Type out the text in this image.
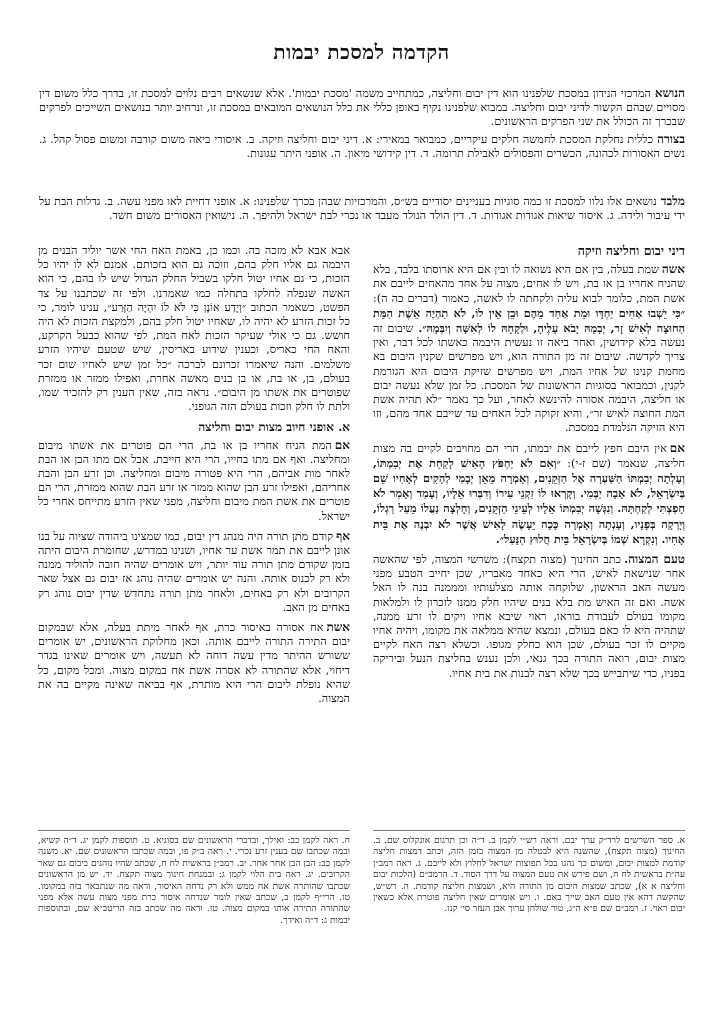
הקדמה למסכת יבמות
הנושאהמרכזי הנידון במסכת שלפנינו הוא דין יבום וחליצה, כמתחייב משמה 'מסכת יבמות'. אלא שנשאים רבים נלוים למסכת זו, בדרך כלל משום דין מסויים שבהם הקשור לדיני יבום וחליצה. במבוא שלפנינו נקיף באופן כללי את כלל הנושאים המובאים במסכת זו, ונרחיב יותר בנושאים השייכים לפרקים שבכרך זה הכולל את שני הפרקים הראשונים.
בצורהכללית נחלקת המסכת לחמשה חלקים עיקריים, כמבואר במאירי: א. דיני יבום וחליצה וזיקה. ב. איסורי ביאה משום קורבה ומשום פסול קהל. ג. נשים האסורות לכהונה, הכשרים והפסולים לאבילת תרומה. ד. דין קידושי מיאון. ה. אופני היתר עגונות.
מלבדנושאים אלו נלוו למסכת זו כמה סוגיות בעניינים יסודיים בש״ס, והמרכזיות שבהן בכרך שלפנינו: א. אופני דחיית לאו מפני עשה. ב. גדלות הבת על ידי עיבור ולידה. ג. איסור שיאות אגודות אגודות. ד. דין הולד הנולד מעבד או נכרי לבת ישראל ולהיפך. ה. נישואין האסורים משום חשד.
דיני יבום וחליצה וזיקה

אשהשמת בעלה, בין אם היא נשואה לו ובין אם היא ארוסתו בלבד, בלא שהניח אחריו בן או בת, ויש לו אחים, מצוה על אחד מהאחים לייבם את אשת המת, כלומר לבוא עליה ולקחתה לו לאשה, כאמור (דברים כה ה): ״כִּי יֵשְׁבוּ אַחִים יַחְדָּו וּמֵת אַחַד מֵהֶם וּבֵן אֵין לוֹ, לֹא תִהְיֶה אֵשֶׁת הַמֵּת הַחוּצָה לְאִישׁ זָר, יְבָמָהּ יָבֹא עָלֶיהָ, וּלְקָחָהּ לוֹ לְאִשָּׁה וְיִבְּמָהּ״. שיבום זה נעשה בלא קידושין, ואחר ביאה זו נעשית היבמה כאשתו לכל דבר, ואין צריך לקדשה. שיבום זה מן התורה הוא, ויש מפרשים שקנין היבום בא מחמת קנינו של אחיו המת, ויש מפרשים שזיקת היבום היא הגורמת לקנין, וכמבואר בסוגיות הראשונות של המסכת. כל זמן שלא נעשה יבום או חליצה, היבמה אסורה להינשא לאחר, ועל כך נאמר ״לא תהיה אשת המת החוצה לאיש זר״, והיא זקוקה לכל האחים עד שייבם אחד מהם, וזו היא הזיקה הנלמדת במסכת.

אםאין היבם חפץ לייבם את יבמתו, הרי הם מחויבים לקיים בה מצות חליצה, שנאמר (שם ז-י): ״וְאִם לֹא יַחְפֹּץ הָאִישׁ לָקַחַת אֶת יְבִמְתּוֹ, וְעָלְתָה יְבִמְתּוֹ הַשַּׁעְרָה אֶל הַזְּקֵנִים, וְאָמְרָה מֵאֵן יְבָמִי לְהָקִים לְאָחִיו שֵׁם בְּיִשְׂרָאֵל, לֹא אָבָה יַבְּמִי. וְקָרְאוּ לוֹ זִקְנֵי עִירוֹ וְדִבְּרוּ אֵלָיו, וְעָמַד וְאָמַר לֹא חָפַצְתִּי לְקַחְתָּהּ. וְנִגְּשָׁה יְבִמְתּוֹ אֵלָיו לְעֵינֵי הַזְּקֵנִים, וְחָלְצָה נַעֲלוֹ מֵעַל רַגְלוֹ, וְיָרְקָה בְּפָנָיו, וְעָנְתָה וְאָמְרָה כָּכָה יֵעָשֶׂה לָאִישׁ אֲשֶׁר לֹא יִבְנֶה אֶת בֵּית אָחִיו. וְנִקְרָא שְׁמוֹ בְּיִשְׂרָאֵל בֵּית חֲלוּץ הַנָּעַל״.

טעם המצוה.כתב החינוך (מצוה תקצח): משרשי המצוה, לפי שהאשה אחר שנישאת לאיש, הרי היא כאחד מאבריו, שכן יחייב הטבע מפני מעשה האב הראשון, שלוקחה אותה מצלעותיו ומממנה בנה לו האל אשה. ואם זה האיש מת בלא בנים שיהיו חלק ממנו לזכרון לו ולמלאות מקומו בעולם לעבודת בוראו, ראוי שיבא אחיו ויקים לו זרע ממנה, שתהיה היא לו כאם בעולם, ונמצא שהיא ממלאה את מקומו, ויהיה אחיו מקיים לו זכר בעולם, שכן הוא כחלק מגופו. וכשלא רצה האח לקיים מצות יבום, רואה התורה בכך גנאי, ולכן נענש בחליצת הנעל וביריקה בפניו, כדי שיתבייש בכך שלא רצה לבנות את בית אחיו.

אבא אבא לא מזכה בה. וכמו כן, באמת האח החי אשר יוליד הבנים מן היבמה גם אליו חלק בהם, וזוכה גם הוא בזכותם. אמנם לא לו יהיו כל הזכות, כי גם אחיו יטול חלקו בשביל החלק הגדול שיש לו בהם, כי הוא האשה שנפלה לחלקו בתחלה כמו שאמרנו. ולפי זה שכתבנו על צד הפשט, כשאמר הכתוב ״וְיָדַע אוֹנָן כִּי לֹּא לוֹ יִהְיֶה הַזָּרַע״, ענינו לומר, כי כל זכות הזרע לא יהיה לו, שאחיו יטול חלק בהם, ולמקצת הזכות לא היה חושש. גם כי אולי שעיקר הזכות לאח המת, לפי שהוא כבעל הקרקע, והאח החי כאריס, וכענין שידוע באריסין, שיש שטעם שיהיו הזרע משלמים. והנה שיאמרו זכרונם לברכה ״כל זמן שיש לאחיו שום זכר בעולם, בן, או בת, או בן בנים מאשה אחרת, ואפילו ממזר או ממזרת שפוטרים את אשתו מן היבום״. נראה בזה, שאין הענין רק להזכיר שמו, ולתת לו חלק וזכות בעולם הזה הגופני.

א. אופני חיוב מצות יבום וחליצה

אםהמת הניח אחריו בן או בת, הרי הם פוטרים את אשתו מיבום ומחליצה. ואף אם מתו בחייו, הרי היא חייבת. אבל אם מתו הבן או הבת לאחר מות אביהם, הרי היא פטורה מיבום ומחליצה. וכן זרע הבן והבת אחריהם, ואפילו זרע הבן שהוא ממזר או זרע הבת שהוא ממזרת, הרי הם פוטרים את אשת המת מיבום וחליצה, מפני שאין הזרע מתייחס אחרי כל ישראל.

אףקודם מתן תורה היה מנהג דין יבום, כמו שמצינו ביהודה שציוה על בנו אונן לייבם את תמר אשת ער אחיו, ושנינו במדרש, שחומרת היבום היתה בזמן שקודם מתן תורה עוד יותר, ויש אומרים שהיה חובה להוליד ממנה ולא רק לכנוס אותה. והנה יש אומרים שהיה נוהג אז יבום גם אצל שאר הקרובים ולא רק באחים, ולאחר מתן תורה נתחדש שדין יבום נוהג רק באחים מן האב.

אשתאח אסורה באיסור כרת, אף לאחר מיתת בעלה, אלא שבמקום יבום התירה התורה לייבם אותה. וכאן מחלוקת הראשונים, יש אומרים ששורש ההיתר מדין עשה דוחה לא תעשה, ויש אומרים שאינו בגדר דיחוי, אלא שהתורה לא אסרה אשת אח במקום מצוה. ומכל מקום, כל שהיא נופלת ליבום הרי היא מותרת, אף בביאה שאינה מקיים בה את המצוה.

א. ספר השרשים לרד״ק ערך יבם. וראה רש״י לקמן ב. ד״ה וכן תרגום אונקלוס שם. ב. החינוך (מצוה תקצח), שהשנה היא לבטלה מן המצוה בזמן הזה, וכתב דמצות חליצה קודמת למצות יבום, ומשום כך נהגו בכל תפוצות ישראל לחלוץ ולא לייבם. ג. ראה רמב״ן עה״ת בראשית לח ח, ושם פירש את טעם המצוה על דרך הסוד. ד. הרמב״ם (הלכות יבום וחליצה א א), שכתב שמצות היבום מן התורה היא, ושמצות חליצה קודמת. ה. רש״ש, שהקשה דהא אין טעם האב שייך באם. ו. ויש אומרים שאין חליצה פוטרת אלא כשאין יבום ראוי. ז. רמב״ם שם פ״א ה״ג, טור שולחן ערוך אבן העזר סי׳ קנו.
ח. ראה לקמן כב: ואילך, ובדברי הראשונים שם בסוגיא. ט. תוספות לקמן יג. ד״ה קשיא, ובמה שכתבו שם בענין זרע נכרי. י. ראה ב״ק פו, ובמה שכתבו הראשונים שם. יא. משנה לקמן כב: הבן הבן אחר אחר. יב. רמב״ן בראשית לח ח, שכתב שהיו נוהגים ביבום גם שאר הקרובים. יג. ראה בית הלוי לקמן ג: ובמנחת חינוך מצוה תקצח. יד. יש מן הראשונים שכתבו שהותרה אשת אח ממש ולא רק נדחה האיסור, וראה מה שנתבאר בזה במקומו. טו. הרי״ף לקמן ב, שכתב שאין לומר שנדחה איסור כרת מפני מצות עשה אלא מפני שהתורה התירה אותו במקום מצוה. טז. וראה מה שכתב בזה הריטב״א שם, ובתוספות יבמות ג: ד״ה ואידך.
